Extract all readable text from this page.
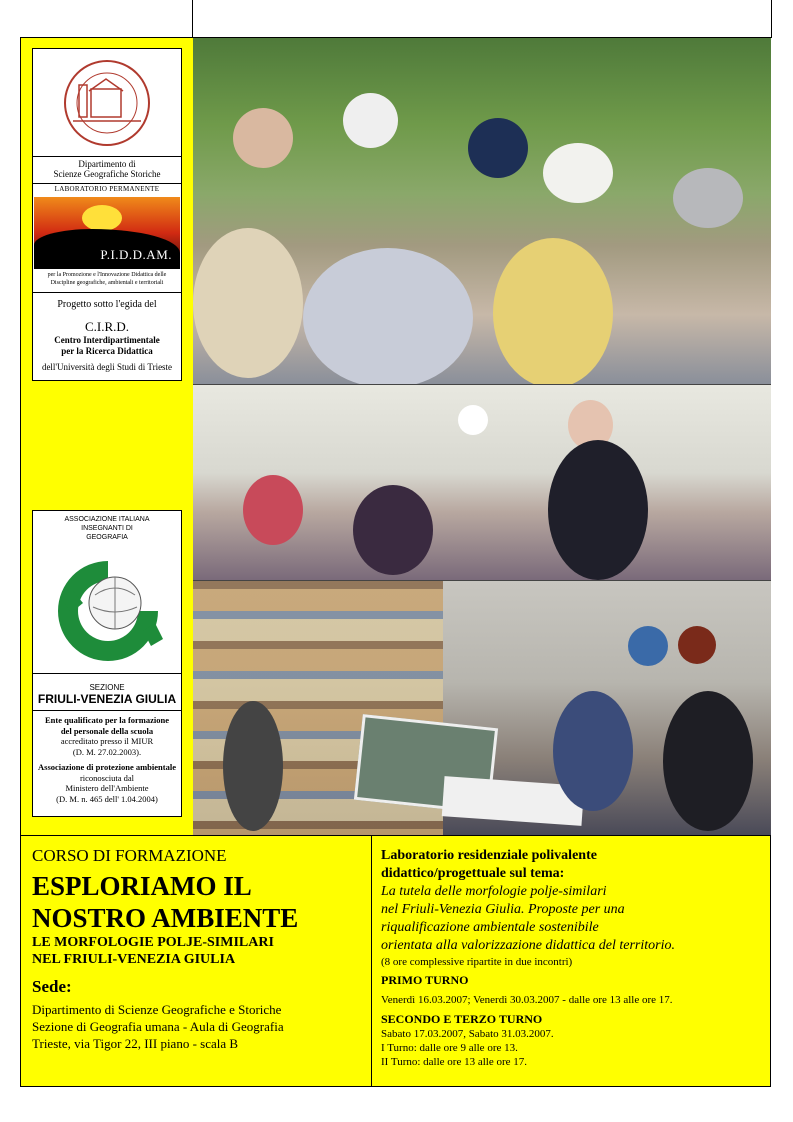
Dipartimento di
Scienze Geografiche Storiche
LABORATORIO PERMANENTE
P.I.D.D.AM.
per la Promozione e l'Innovazione Didattica delle Discipline geografiche, ambientali e territoriali
Progetto sotto l'egida del
C.I.R.D.
Centro Interdipartimentale
per la Ricerca Didattica
dell'Università degli Studi di Trieste
ASSOCIAZIONE ITALIANA
INSEGNANTI DI
GEOGRAFIA
SEZIONE
FRIULI-VENEZIA GIULIA
Ente qualificato per la formazione
del personale della scuola
accreditato presso il MIUR
(D. M. 27.02.2003).
Associazione di protezione ambientale
riconosciuta dal
Ministero dell'Ambiente
(D. M. n. 465 dell' 1.04.2004)
CORSO DI FORMAZIONE
ESPLORIAMO IL
NOSTRO AMBIENTE
LE MORFOLOGIE POLJE-SIMILARI
NEL FRIULI-VENEZIA GIULIA
Sede:
Dipartimento di Scienze Geografiche e Storiche
Sezione di Geografia umana - Aula di Geografia
Trieste, via Tigor 22, III piano - scala B
Laboratorio residenziale polivalente
didattico/progettuale sul tema:
La tutela delle morfologie polje-similari
nel Friuli-Venezia Giulia. Proposte per una
riqualificazione ambientale sostenibile
orientata alla valorizzazione didattica del territorio.
(8 ore complessive ripartite in due incontri)
PRIMO TURNO
Venerdì 16.03.2007; Venerdì 30.03.2007 - dalle ore 13 alle ore 17.
SECONDO E TERZO TURNO
Sabato 17.03.2007, Sabato 31.03.2007.
I Turno: dalle ore 9 alle ore 13.
II Turno: dalle ore 13 alle ore 17.
